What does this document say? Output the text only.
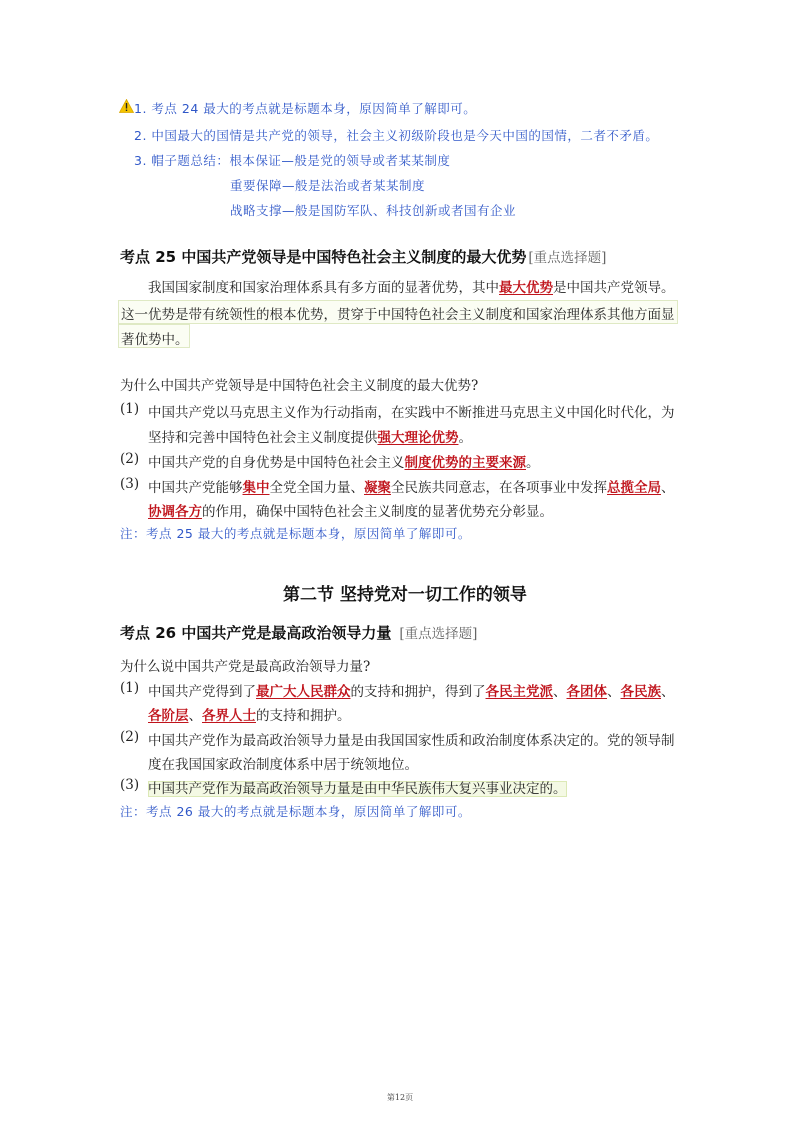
1. 考点 24 最大的考点就是标题本身，原因简单了解即可。
2. 中国最大的国情是共产党的领导，社会主义初级阶段也是今天中国的国情，二者不矛盾。
3. 帽子题总结：根本保证—般是党的领导或者某某制度
重要保障—般是法治或者某某制度
战略支撑—般是国防军队、科技创新或者国有企业
考点 25 中国共产党领导是中国特色社会主义制度的最大优势 [重点选择题]
我国国家制度和国家治理体系具有多方面的显著优势，其中最大优势是中国共产党领导。
这一优势是带有统领性的根本优势，贯穿于中国特色社会主义制度和国家治理体系其他方面显
著优势中。
为什么中国共产党领导是中国特色社会主义制度的最大优势?
(1) 中国共产党以马克思主义作为行动指南，在实践中不断推进马克思主义中国化时代化，为
坚持和完善中国特色社会主义制度提供强大理论优势。
(2) 中国共产党的自身优势是中国特色社会主义制度优势的主要来源。
(3) 中国共产党能够集中全党全国力量、凝聚全民族共同意志，在各项事业中发挥总揽全局、
协调各方的作用，确保中国特色社会主义制度的显著优势充分彰显。
注：考点 25 最大的考点就是标题本身，原因简单了解即可。
第二节 坚持党对一切工作的领导
考点 26 中国共产党是最高政治领导力量 [重点选择题]
为什么说中国共产党是最高政治领导力量?
(1) 中国共产党得到了最广大人民群众的支持和拥护，得到了各民主党派、各团体、各民族、
各阶层、各界人士的支持和拥护。
(2) 中国共产党作为最高政治领导力量是由我国国家性质和政治制度体系决定的。党的领导制
度在我国国家政治制度体系中居于统领地位。
(3) 中国共产党作为最高政治领导力量是由中华民族伟大复兴事业决定的。
注：考点 26 最大的考点就是标题本身，原因简单了解即可。
第12页
